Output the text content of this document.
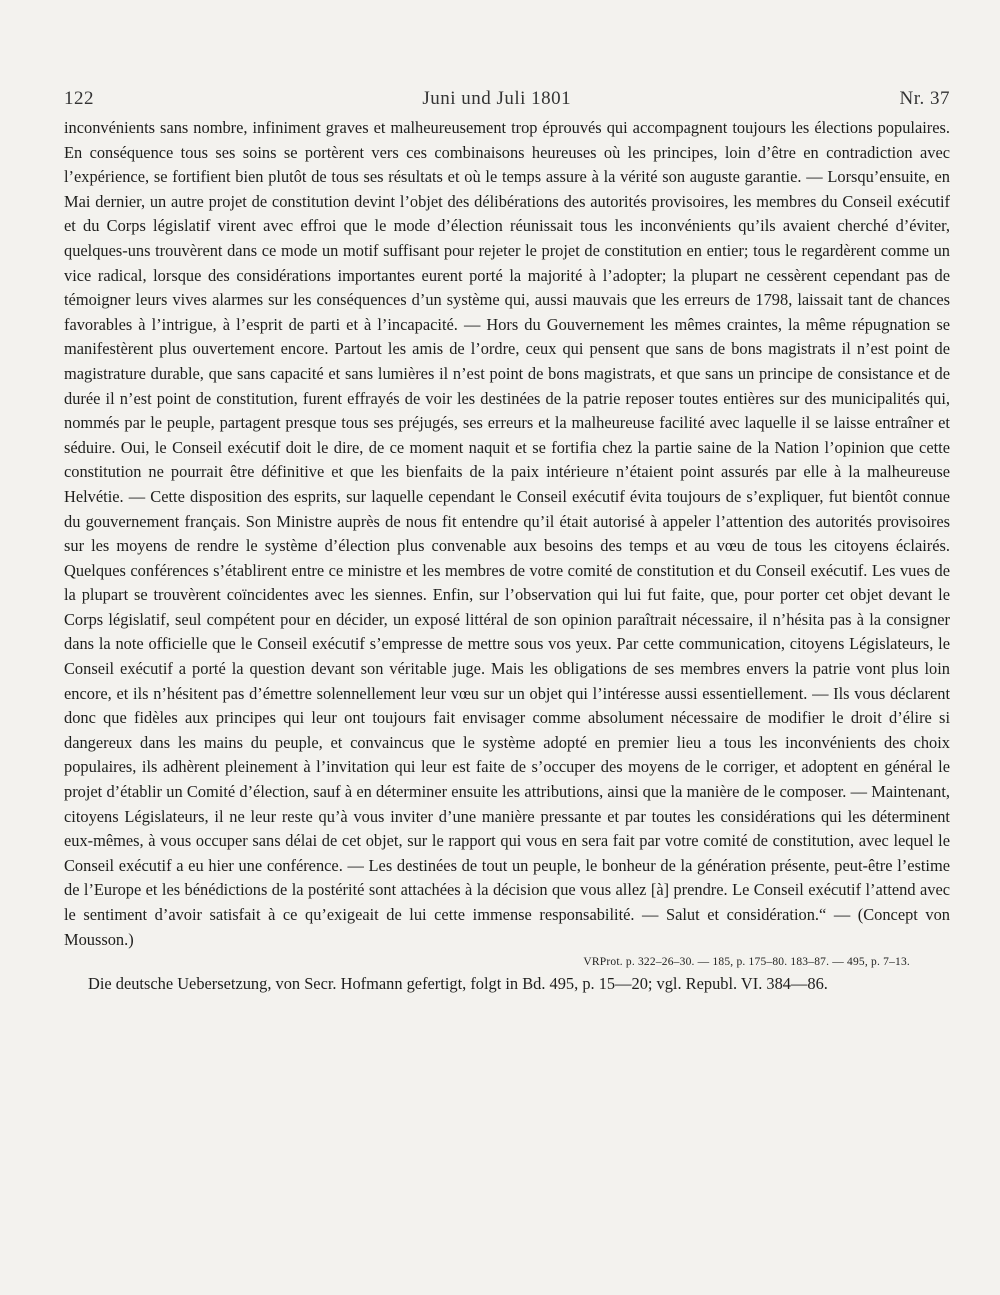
122	Juni und Juli 1801	Nr. 37

inconvénients sans nombre, infiniment graves et malheureusement trop éprouvés qui accompagnent toujours les élections populaires. En conséquence tous ses soins se portèrent vers ces combinaisons heureuses où les principes, loin d’être en contradiction avec l’expérience, se fortifient bien plutôt de tous ses résultats et où le temps assure à la vérité son auguste garantie. — Lorsqu’ensuite, en Mai dernier, un autre projet de constitution devint l’objet des délibérations des autorités provisoires, les membres du Conseil exécutif et du Corps législatif virent avec effroi que le mode d’élection réunissait tous les inconvénients qu’ils avaient cherché d’éviter, quelques-uns trouvèrent dans ce mode un motif suffisant pour rejeter le projet de constitution en entier; tous le regardèrent comme un vice radical, lorsque des considérations importantes eurent porté la majorité à l’adopter; la plupart ne cessèrent cependant pas de témoigner leurs vives alarmes sur les conséquences d’un système qui, aussi mauvais que les erreurs de 1798, laissait tant de chances favorables à l’intrigue, à l’esprit de parti et à l’incapacité. — Hors du Gouvernement les mêmes craintes, la même répugnation se manifestèrent plus ouvertement encore. Partout les amis de l’ordre, ceux qui pensent que sans de bons magistrats il n’est point de magistrature durable, que sans capacité et sans lumières il n’est point de bons magistrats, et que sans un principe de consistance et de durée il n’est point de constitution, furent effrayés de voir les destinées de la patrie reposer toutes entières sur des municipalités qui, nommés par le peuple, partagent presque tous ses préjugés, ses erreurs et la malheureuse facilité avec laquelle il se laisse entraîner et séduire. Oui, le Conseil exécutif doit le dire, de ce moment naquit et se fortifia chez la partie saine de la Nation l’opinion que cette constitution ne pourrait être définitive et que les bienfaits de la paix intérieure n’étaient point assurés par elle à la malheureuse Helvétie. — Cette disposition des esprits, sur laquelle cependant le Conseil exécutif évita toujours de s’expliquer, fut bientôt connue du gouvernement français. Son Ministre auprès de nous fit entendre qu’il était autorisé à appeler l’attention des autorités provisoires sur les moyens de rendre le système d’élection plus convenable aux besoins des temps et au vœu de tous les citoyens éclairés. Quelques conférences s’établirent entre ce ministre et les membres de votre comité de constitution et du Conseil exécutif. Les vues de la plupart se trouvèrent coïncidentes avec les siennes. Enfin, sur l’observation qui lui fut faite, que, pour porter cet objet devant le Corps législatif, seul compétent pour en décider, un exposé littéral de son opinion paraîtrait nécessaire, il n’hésita pas à la consigner dans la note officielle que le Conseil exécutif s’empresse de mettre sous vos yeux. Par cette communication, citoyens Législateurs, le Conseil exécutif a porté la question devant son véritable juge. Mais les obligations de ses membres envers la patrie vont plus loin encore, et ils n’hésitent pas d’émettre solennellement leur vœu sur un objet qui l’intéresse aussi essentiellement. — Ils vous déclarent donc que fidèles aux principes qui leur ont toujours fait envisager comme absolument nécessaire de modifier le droit d’élire si dangereux dans les mains du peuple, et convaincus que le système adopté en premier lieu a tous les inconvénients des choix populaires, ils adhèrent pleinement à l’invitation qui leur est faite de s’occuper des moyens de le corriger, et adoptent en général le projet d’établir un Comité d’élection, sauf à en déterminer ensuite les attributions, ainsi que la manière de le composer. — Maintenant, citoyens Législateurs, il ne leur reste qu’à vous inviter d’une manière pressante et par toutes les considérations qui les déterminent eux-mêmes, à vous occuper sans délai de cet objet, sur le rapport qui vous en sera fait par votre comité de constitution, avec lequel le Conseil exécutif a eu hier une conférence. — Les destinées de tout un peuple, le bonheur de la génération présente, peut-être l’estime de l’Europe et les bénédictions de la postérité sont attachées à la décision que vous allez [à] prendre. Le Conseil exécutif l’attend avec le sentiment d’avoir satisfait à ce qu’exigeait de lui cette immense responsabilité. — Salut et considération.“ — (Concept von Mousson.)

VRProt. p. 322–26–30. — 185, p. 175–80. 183–87. — 495, p. 7–13.

Die deutsche Uebersetzung, von Secr. Hofmann gefertigt, folgt in Bd. 495, p. 15—20; vgl. Republ. VI. 384—86.
